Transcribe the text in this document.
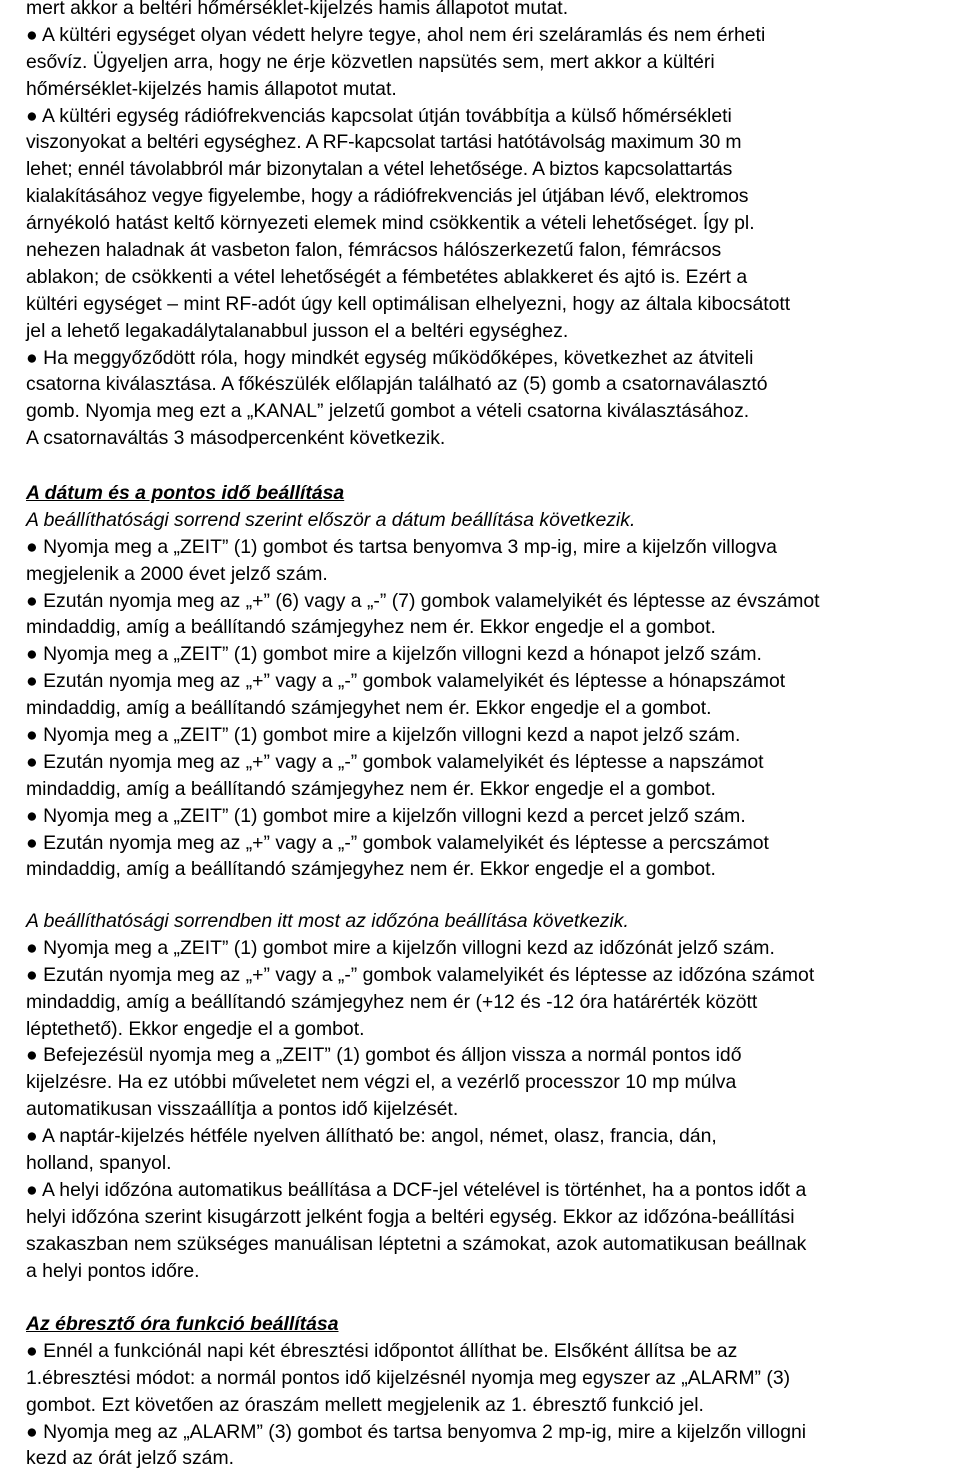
mert akkor a beltéri hőmérséklet-kijelzés hamis állapotot mutat.
● A kültéri egységet olyan védett helyre tegye, ahol nem éri szeláramlás és nem érheti
esővíz. Ügyeljen arra, hogy ne érje közvetlen napsütés sem, mert akkor a kültéri
hőmérséklet-kijelzés hamis állapotot mutat.
● A kültéri egység rádiófrekvenciás kapcsolat útján továbbítja a külső hőmérsékleti
viszonyokat a beltéri egységhez. A RF-kapcsolat tartási hatótávolság maximum 30 m
lehet; ennél távolabbról már bizonytalan a vétel lehetősége. A biztos kapcsolattartás
kialakításához vegye figyelembe, hogy a rádiófrekvenciás jel útjában lévő, elektromos
árnyékoló hatást keltő környezeti elemek mind csökkentik a vételi lehetőséget. Így pl.
nehezen haladnak át vasbeton falon, fémrácsos hálószerkezetű falon, fémrácsos
ablakon; de csökkenti a vétel lehetőségét a fémbetétes ablakkeret és ajtó is. Ezért a
kültéri egységet – mint RF-adót úgy kell optimálisan elhelyezni, hogy az általa kibocsátott
jel a lehető legakadálytalanabbul jusson el a beltéri egységhez.
● Ha meggyőződött róla, hogy mindkét egység működőképes, következhet az átviteli
csatorna kiválasztása. A főkészülék előlapján található az (5) gomb a csatornaválasztó
gomb. Nyomja meg ezt a „KANAL” jelzetű gombot a vételi csatorna kiválasztásához.
A csatornaváltás 3 másodpercenként következik.
A dátum és a pontos idő beállítása
A beállíthatósági sorrend szerint először a dátum beállítása következik.
● Nyomja meg a „ZEIT” (1) gombot és tartsa benyomva 3 mp-ig, mire a kijelzőn villogva
megjelenik a 2000 évet jelző szám.
● Ezután nyomja meg az „+” (6) vagy a „-” (7) gombok valamelyikét és léptesse az évszámot
mindaddig, amíg a beállítandó számjegyhez nem ér. Ekkor engedje el a gombot.
● Nyomja meg a „ZEIT” (1) gombot mire a kijelzőn villogni kezd a hónapot jelző szám.
● Ezután nyomja meg az „+” vagy a „-” gombok valamelyikét és léptesse a hónapszámot
mindaddig, amíg a beállítandó számjegyhet nem ér. Ekkor engedje el a gombot.
● Nyomja meg a „ZEIT” (1) gombot mire a kijelzőn villogni kezd a napot jelző szám.
● Ezután nyomja meg az „+” vagy a „-” gombok valamelyikét és léptesse a napszámot
mindaddig, amíg a beállítandó számjegyhez nem ér. Ekkor engedje el a gombot.
● Nyomja meg a „ZEIT” (1) gombot mire a kijelzőn villogni kezd a percet jelző szám.
● Ezután nyomja meg az „+” vagy a „-” gombok valamelyikét és léptesse a percszámot
mindaddig, amíg a beállítandó számjegyhez nem ér. Ekkor engedje el a gombot.
A beállíthatósági sorrendben itt most az időzóna beállítása következik.
● Nyomja meg a „ZEIT” (1) gombot mire a kijelzőn villogni kezd az időzónát jelző szám.
● Ezután nyomja meg az „+” vagy a „-” gombok valamelyikét és léptesse az időzóna számot
mindaddig, amíg a beállítandó számjegyhez nem ér (+12 és -12 óra határérték között
léptethető). Ekkor engedje el a gombot.
● Befejezésül nyomja meg a „ZEIT” (1) gombot és álljon vissza a normál pontos idő
kijelzésre. Ha ez utóbbi műveletet nem végzi el, a vezérlő processzor 10 mp múlva
automatikusan visszaállítja a pontos idő kijelzését.
● A naptár-kijelzés hétféle nyelven állítható be: angol, német, olasz, francia, dán,
holland, spanyol.
● A helyi időzóna automatikus beállítása a DCF-jel vételével is történhet, ha a pontos időt a
helyi időzóna szerint kisugárzott jelként fogja a beltéri egység. Ekkor az időzóna-beállítási
szakaszban nem szükséges manuálisan léptetni a számokat, azok automatikusan beállnak
a helyi pontos időre.
Az ébresztő óra funkció beállítása
● Ennél a funkciónál napi két ébresztési időpontot állíthat be. Elsőként állítsa be az
1.ébresztési módot: a normál pontos idő kijelzésnél nyomja meg egyszer az „ALARM” (3)
gombot. Ezt követően az óraszám mellett megjelenik az 1. ébresztő funkció jel.
● Nyomja meg az „ALARM” (3) gombot és tartsa benyomva 2 mp-ig, mire a kijelzőn villogni
kezd az órát jelző szám.
